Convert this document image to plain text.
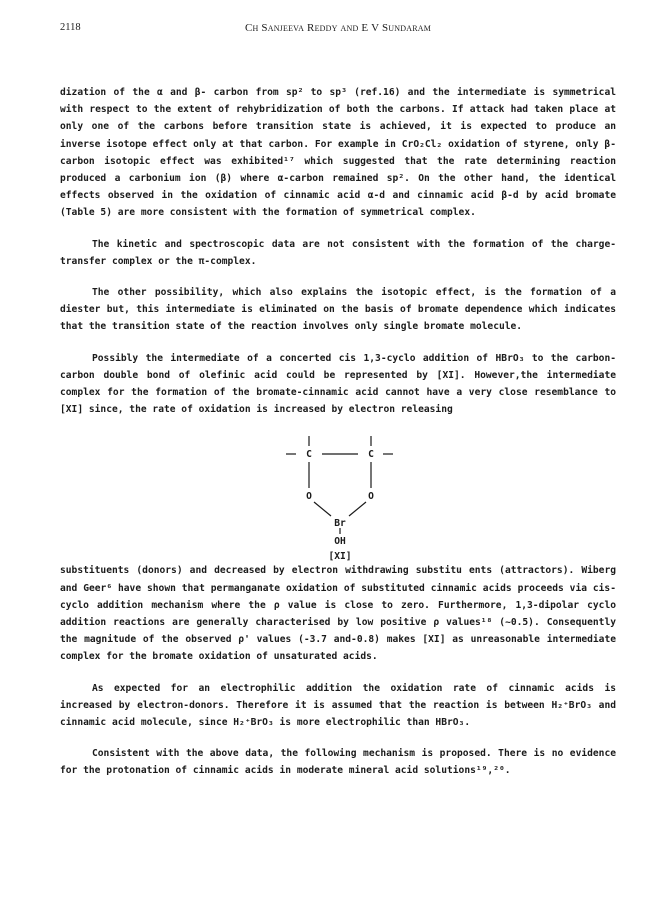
2118	Ch Sanjeeva Reddy and E V Sundaram

dization of the α and β- carbon from sp² to sp³ (ref.16) and the intermediate is symmetrical with respect to the extent of rehybridization of both the carbons. If attack had taken place at only one of the carbons before transition state is achieved, it is expected to produce an inverse isotope effect only at that carbon. For example in CrO₂Cl₂ oxidation of styrene, only β-carbon isotopic effect was exhibited¹⁷ which suggested that the rate determining reaction produced a carbonium ion (β) where α-carbon remained sp². On the other hand, the identical effects observed in the oxidation of cinnamic acid α-d and cinnamic acid β-d by acid bromate (Table 5) are more consistent with the formation of symmetrical complex.

The kinetic and spectroscopic data are not consistent with the formation of the charge-transfer complex or the π-complex.

The other possibility, which also explains the isotopic effect, is the formation of a diester but, this intermediate is eliminated on the basis of bromate dependence which indicates that the transition state of the reaction involves only single bromate molecule.

Possibly the intermediate of a concerted cis 1,3-cyclo addition of HBrO₃ to the carbon-carbon double bond of olefinic acid could be represented by [XI]. However,the intermediate complex for the formation of the bromate-cinnamic acid cannot have a very close resemblance to [XI] since, the rate of oxidation is increased by electron releasing

C	C
O	O
Br
OH
[XI]

substituents (donors) and decreased by electron withdrawing substitu ents (attractors). Wiberg and Geer⁶ have shown that permanganate oxidation of substituted cinnamic acids proceeds via cis-cyclo addition mechanism where the ρ value is close to zero. Furthermore, 1,3-dipolar cyclo addition reactions are generally characterised by low positive ρ values¹⁸ (~0.5). Consequently the magnitude of the observed ρ' values (-3.7 and-0.8) makes [XI] as unreasonable intermediate complex for the bromate oxidation of unsaturated acids.

As expected for an electrophilic addition the oxidation rate of cinnamic acids is increased by electron-donors. Therefore it is assumed that the reaction is between H₂⁺BrO₃ and cinnamic acid molecule, since H₂⁺BrO₃ is more electrophilic than HBrO₃.

Consistent with the above data, the following mechanism is proposed. There is no evidence for the protonation of cinnamic acids in moderate mineral acid solutions¹⁹,²⁰.
